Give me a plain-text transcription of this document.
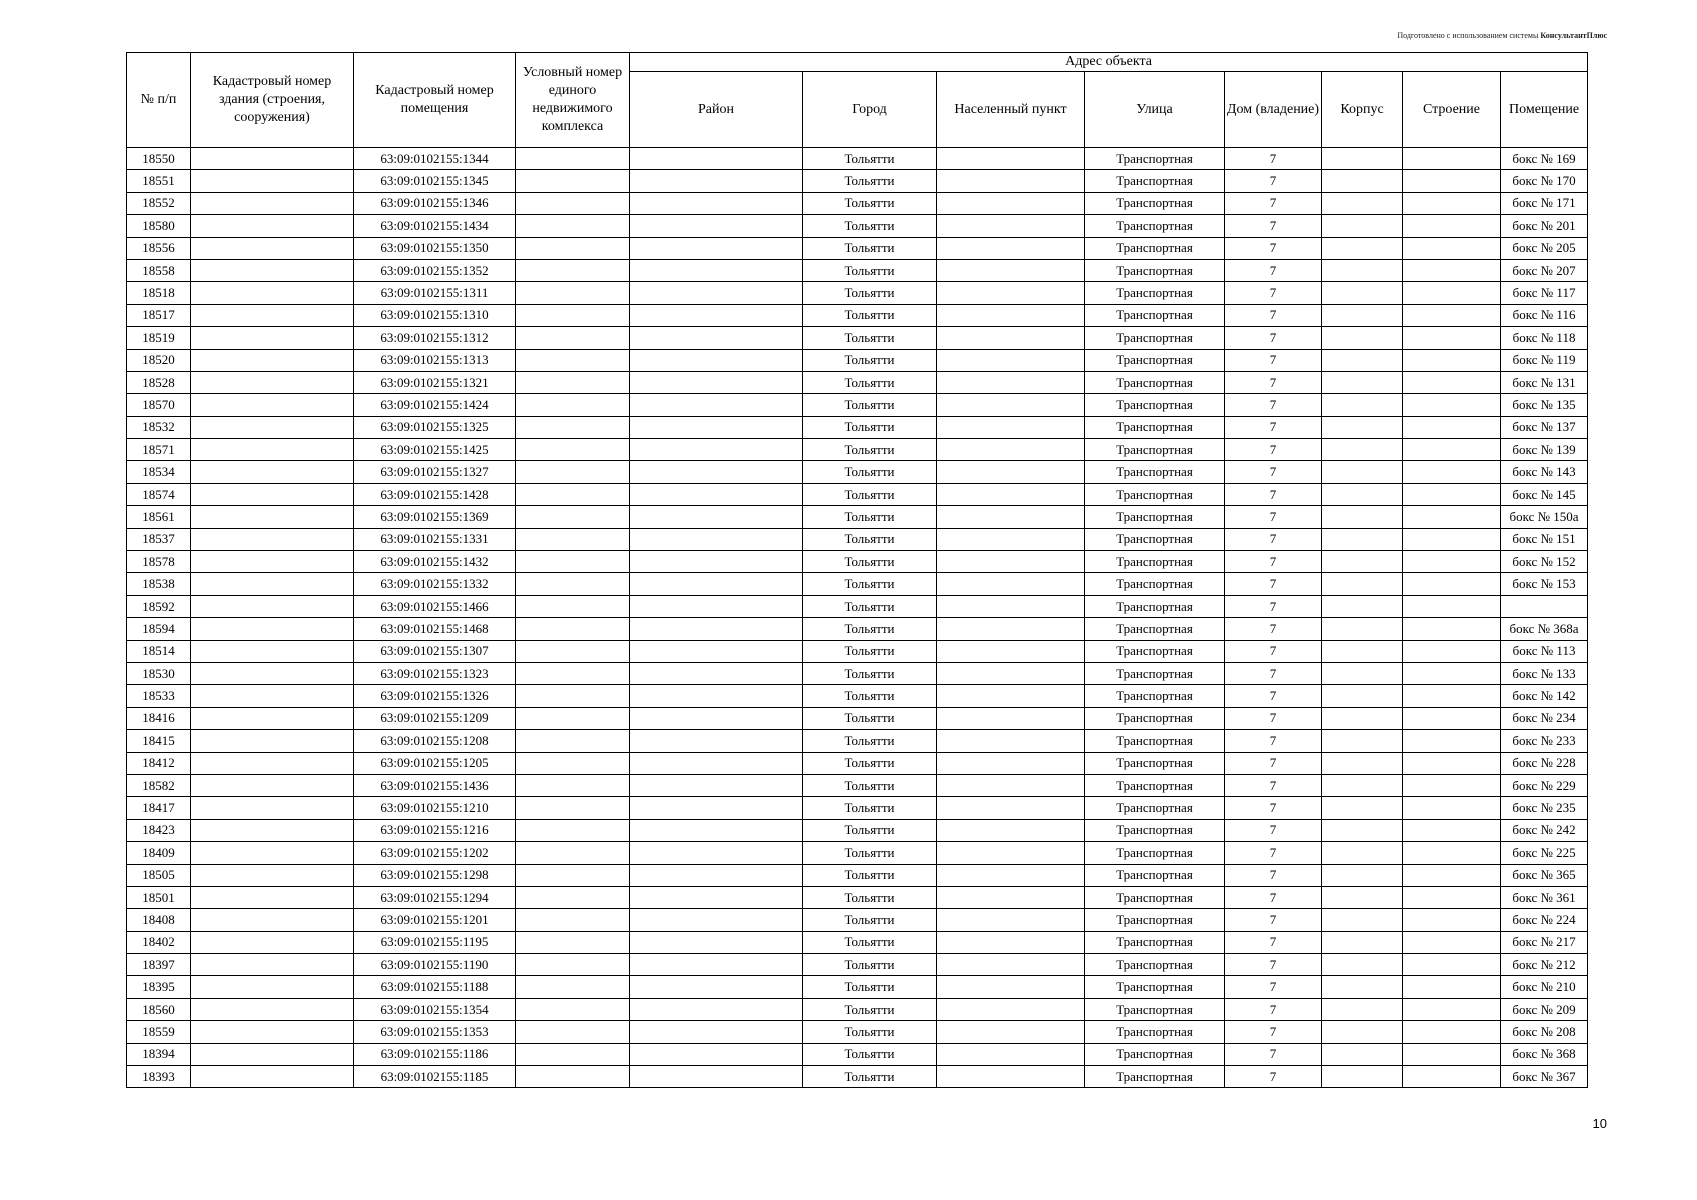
Подготовлено с использованием системы КонсультантПлюс
№ п/п	Кадастровый номер здания (строения, сооружения)	Кадастровый номер помещения	Условный номер единого недвижимого комплекса	Адрес объекта							
				Район	Город	Населенный пункт	Улица	Дом (владение)	Корпус	Строение	Помещение
18550		63:09:0102155:1344			Тольятти		Транспортная	7			бокс № 169
18551		63:09:0102155:1345			Тольятти		Транспортная	7			бокс № 170
18552		63:09:0102155:1346			Тольятти		Транспортная	7			бокс № 171
18580		63:09:0102155:1434			Тольятти		Транспортная	7			бокс № 201
18556		63:09:0102155:1350			Тольятти		Транспортная	7			бокс № 205
18558		63:09:0102155:1352			Тольятти		Транспортная	7			бокс № 207
18518		63:09:0102155:1311			Тольятти		Транспортная	7			бокс № 117
18517		63:09:0102155:1310			Тольятти		Транспортная	7			бокс № 116
18519		63:09:0102155:1312			Тольятти		Транспортная	7			бокс № 118
18520		63:09:0102155:1313			Тольятти		Транспортная	7			бокс № 119
18528		63:09:0102155:1321			Тольятти		Транспортная	7			бокс № 131
18570		63:09:0102155:1424			Тольятти		Транспортная	7			бокс № 135
18532		63:09:0102155:1325			Тольятти		Транспортная	7			бокс № 137
18571		63:09:0102155:1425			Тольятти		Транспортная	7			бокс № 139
18534		63:09:0102155:1327			Тольятти		Транспортная	7			бокс № 143
18574		63:09:0102155:1428			Тольятти		Транспортная	7			бокс № 145
18561		63:09:0102155:1369			Тольятти		Транспортная	7			бокс № 150а
18537		63:09:0102155:1331			Тольятти		Транспортная	7			бокс № 151
18578		63:09:0102155:1432			Тольятти		Транспортная	7			бокс № 152
18538		63:09:0102155:1332			Тольятти		Транспортная	7			бокс № 153
18592		63:09:0102155:1466			Тольятти		Транспортная	7			
18594		63:09:0102155:1468			Тольятти		Транспортная	7			бокс № 368а
18514		63:09:0102155:1307			Тольятти		Транспортная	7			бокс № 113
18530		63:09:0102155:1323			Тольятти		Транспортная	7			бокс № 133
18533		63:09:0102155:1326			Тольятти		Транспортная	7			бокс № 142
18416		63:09:0102155:1209			Тольятти		Транспортная	7			бокс № 234
18415		63:09:0102155:1208			Тольятти		Транспортная	7			бокс № 233
18412		63:09:0102155:1205			Тольятти		Транспортная	7			бокс № 228
18582		63:09:0102155:1436			Тольятти		Транспортная	7			бокс № 229
18417		63:09:0102155:1210			Тольятти		Транспортная	7			бокс № 235
18423		63:09:0102155:1216			Тольятти		Транспортная	7			бокс № 242
18409		63:09:0102155:1202			Тольятти		Транспортная	7			бокс № 225
18505		63:09:0102155:1298			Тольятти		Транспортная	7			бокс № 365
18501		63:09:0102155:1294			Тольятти		Транспортная	7			бокс № 361
18408		63:09:0102155:1201			Тольятти		Транспортная	7			бокс № 224
18402		63:09:0102155:1195			Тольятти		Транспортная	7			бокс № 217
18397		63:09:0102155:1190			Тольятти		Транспортная	7			бокс № 212
18395		63:09:0102155:1188			Тольятти		Транспортная	7			бокс № 210
18560		63:09:0102155:1354			Тольятти		Транспортная	7			бокс № 209
18559		63:09:0102155:1353			Тольятти		Транспортная	7			бокс № 208
18394		63:09:0102155:1186			Тольятти		Транспортная	7			бокс № 368
18393		63:09:0102155:1185			Тольятти		Транспортная	7			бокс № 367
10
